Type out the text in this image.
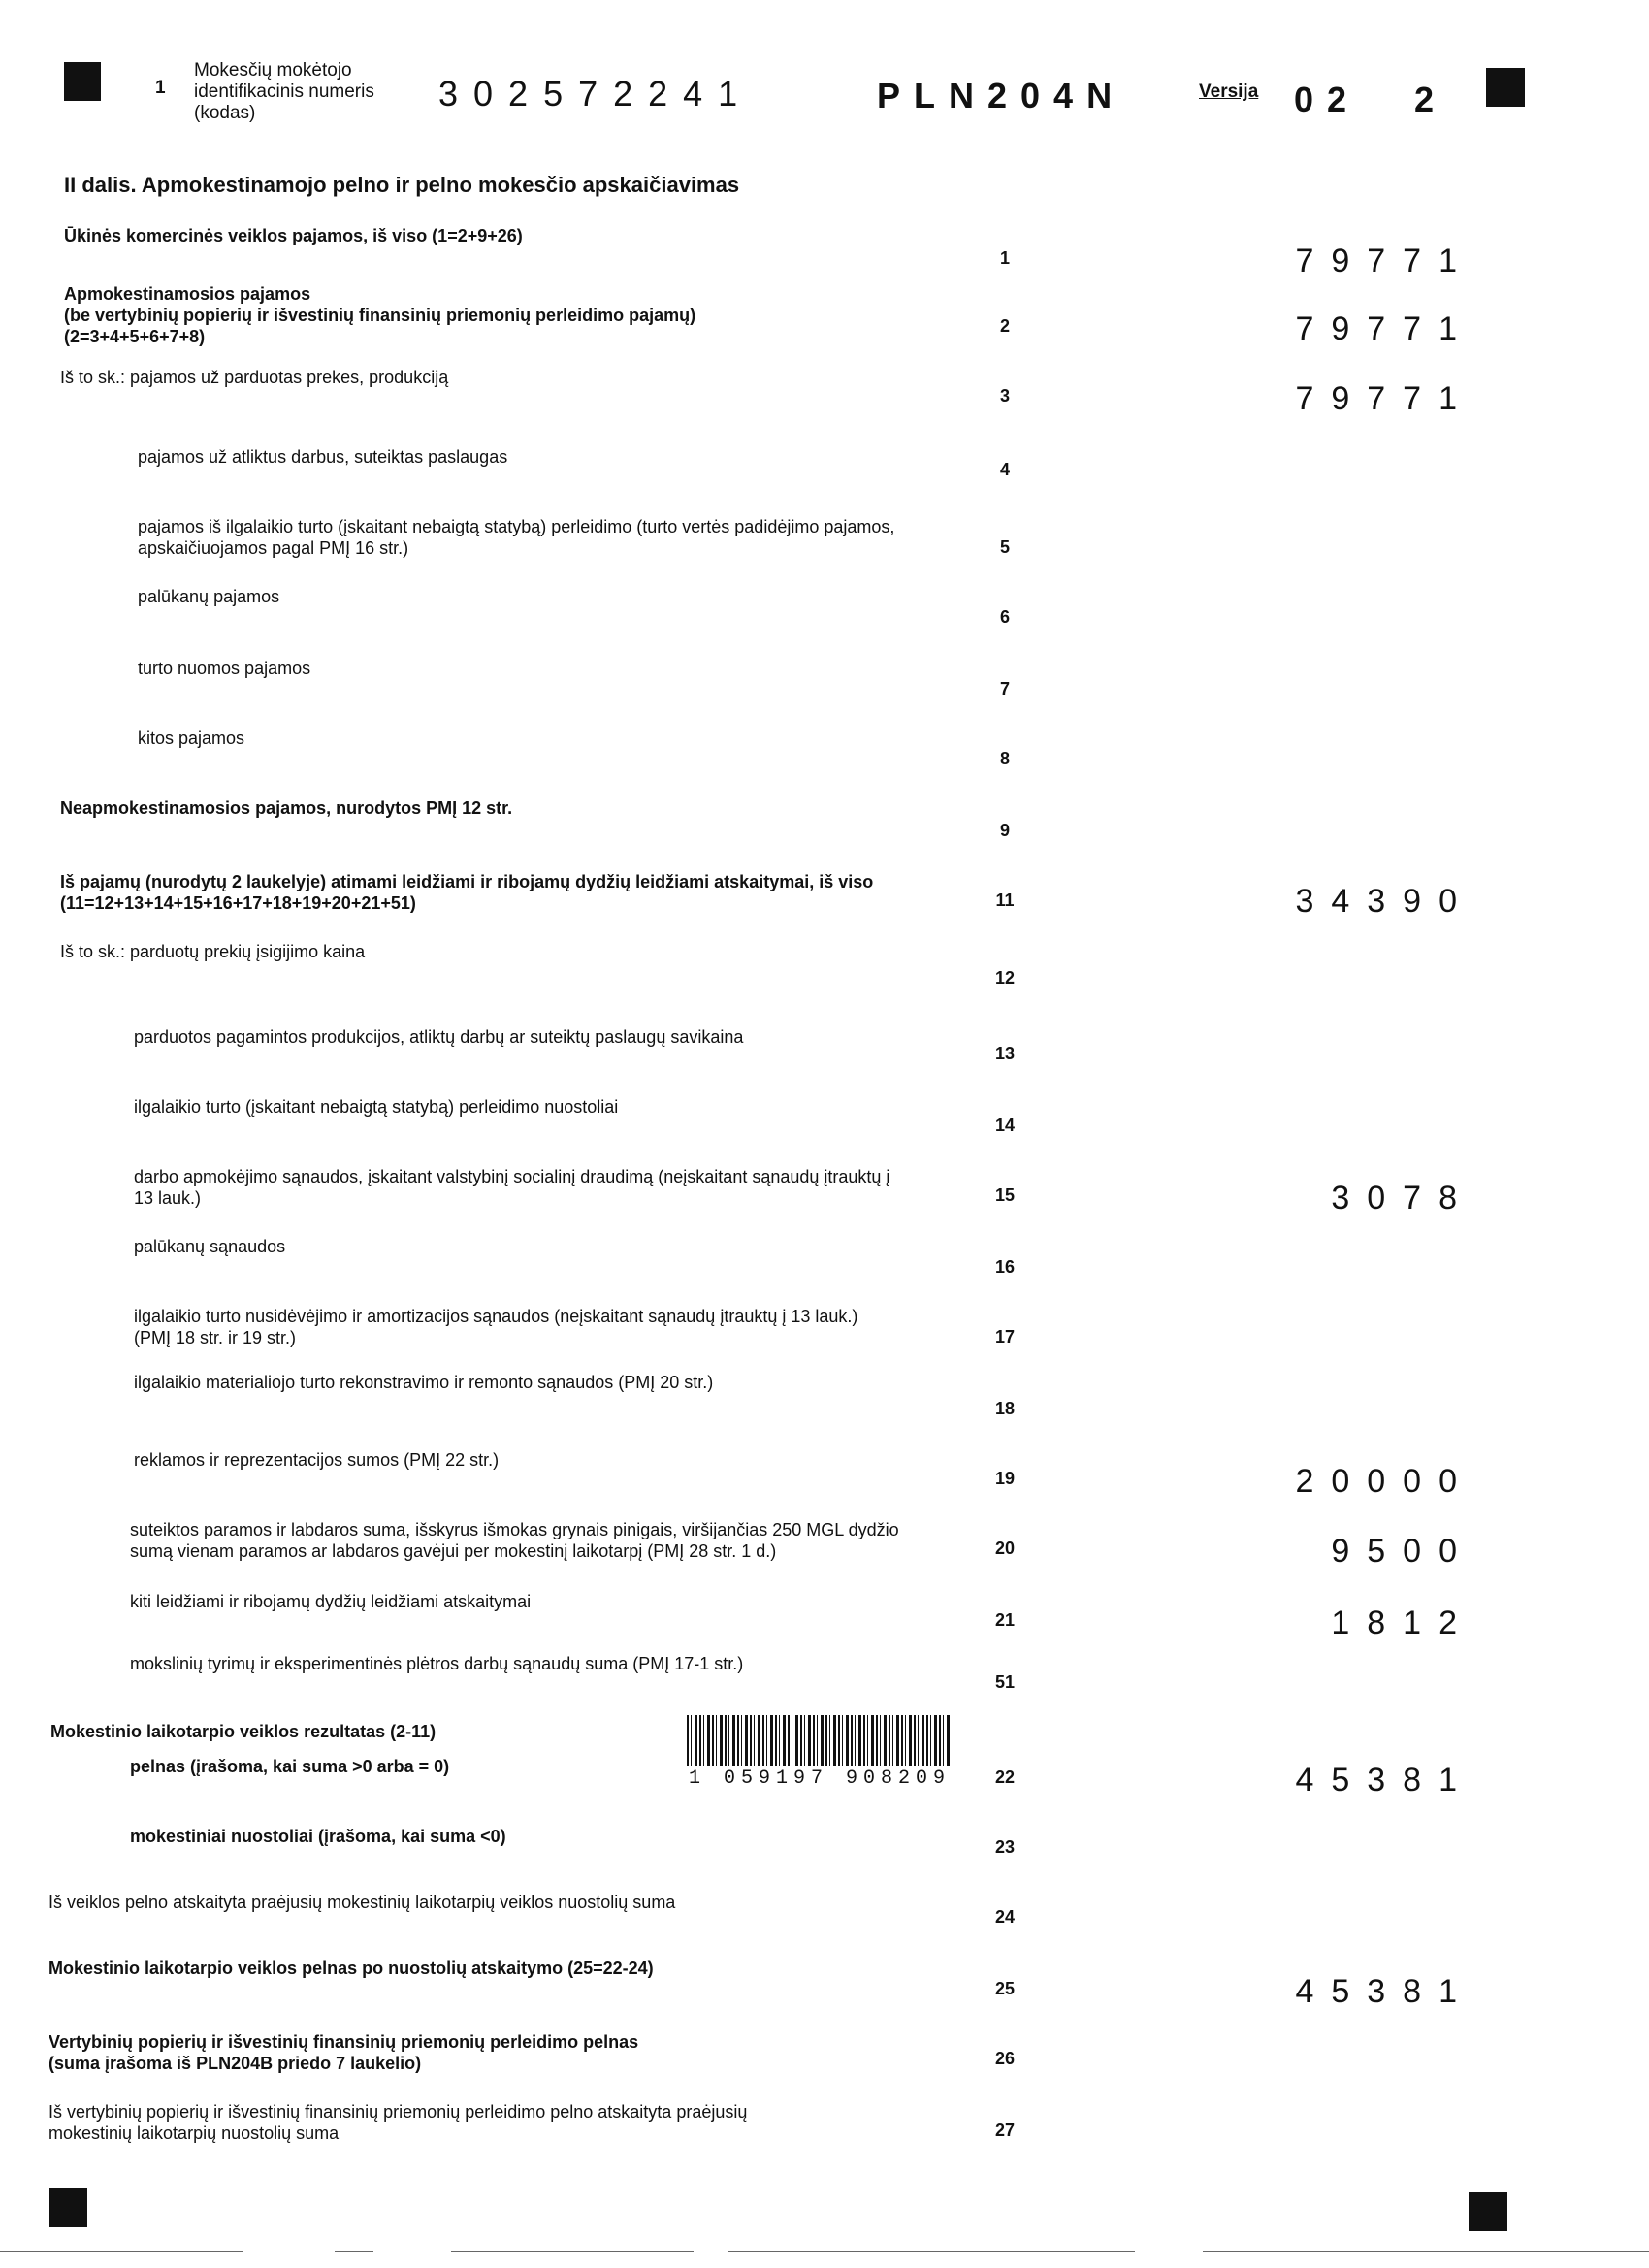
1
Mokesčių mokėtojo
identifikacinis numeris
(kodas)	302572241	PLN204N	Versija 02 2
II dalis. Apmokestinamojo pelno ir pelno mokesčio apskaičiavimas
Mokestinio laikotarpio veiklos rezultatas (2-11)
1 059197 908209
Ūkinės komercinės veiklos pajamos, iš viso (1=2+9+26)
1	79771
Apmokestinamosios pajamos
(be vertybinių popierių ir išvestinių finansinių priemonių perleidimo pajamų)
(2=3+4+5+6+7+8)
2	79771
Iš to sk.: pajamos už parduotas prekes, produkciją
3	79771
pajamos už atliktus darbus, suteiktas paslaugas
4
pajamos iš ilgalaikio turto (įskaitant nebaigtą statybą) perleidimo (turto vertės padidėjimo pajamos,
apskaičiuojamos pagal PMĮ 16 str.)	5
palūkanų pajamos
6
turto nuomos pajamos
7
kitos pajamos
8
Neapmokestinamosios pajamos, nurodytos PMĮ 12 str.
9
Iš pajamų (nurodytų 2 laukelyje) atimami leidžiami ir ribojamų dydžių leidžiami atskaitymai, iš viso
(11=12+13+14+15+16+17+18+19+20+21+51)	11	34390
Iš to sk.: parduotų prekių įsigijimo kaina
12
parduotos pagamintos produkcijos, atliktų darbų ar suteiktų paslaugų savikaina
13
ilgalaikio turto (įskaitant nebaigtą statybą) perleidimo nuostoliai
14
darbo apmokėjimo sąnaudos, įskaitant valstybinį socialinį draudimą (neįskaitant sąnaudų įtrauktų į
13 lauk.)	15	3078
palūkanų sąnaudos
16
ilgalaikio turto nusidėvėjimo ir amortizacijos sąnaudos (neįskaitant sąnaudų įtrauktų į 13 lauk.)
(PMĮ 18 str. ir 19 str.)	17
ilgalaikio materialiojo turto rekonstravimo ir remonto sąnaudos (PMĮ 20 str.)
18
reklamos ir reprezentacijos sumos (PMĮ 22 str.)
19	20000
suteiktos paramos ir labdaros suma, išskyrus išmokas grynais pinigais, viršijančias 250 MGL dydžio
sumą vienam paramos ar labdaros gavėjui per mokestinį laikotarpį (PMĮ 28 str. 1 d.)	20	9500
kiti leidžiami ir ribojamų dydžių leidžiami atskaitymai
21	1812
mokslinių tyrimų ir eksperimentinės plėtros darbų sąnaudų suma (PMĮ 17-1 str.)
51
pelnas (įrašoma, kai suma >0 arba = 0)
22	45381
mokestiniai nuostoliai (įrašoma, kai suma <0)
23
Iš veiklos pelno atskaityta praėjusių mokestinių laikotarpių veiklos nuostolių suma
24
Mokestinio laikotarpio veiklos pelnas po nuostolių atskaitymo (25=22-24)
25	45381
Vertybinių popierių ir išvestinių finansinių priemonių perleidimo pelnas
(suma įrašoma iš PLN204B priedo 7 laukelio)	26
Iš vertybinių popierių ir išvestinių finansinių priemonių perleidimo pelno atskaityta praėjusių
mokestinių laikotarpių nuostolių suma	27
